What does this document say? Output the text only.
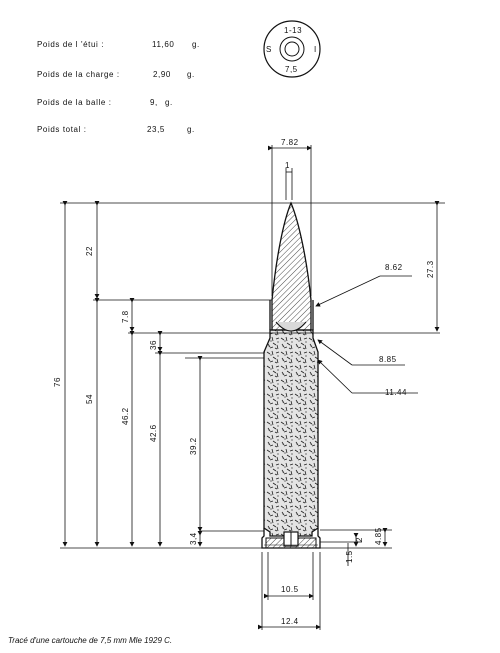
Poids de l 'étui :	11,60 g.
Poids de la charge :	2,90 g.
Poids de la balle :	9, g.
Poids total :	23,5	g.
1-13
S	I
7,5
7.82
1
22
27.3
8.62
7.8
36
8.85
11.44
76
54
46.2
42.6
39.2
3,4	4.85
2
1.5
10.5
12.4
Tracé d'une cartouche de 7,5 mm Mle 1929 C.
